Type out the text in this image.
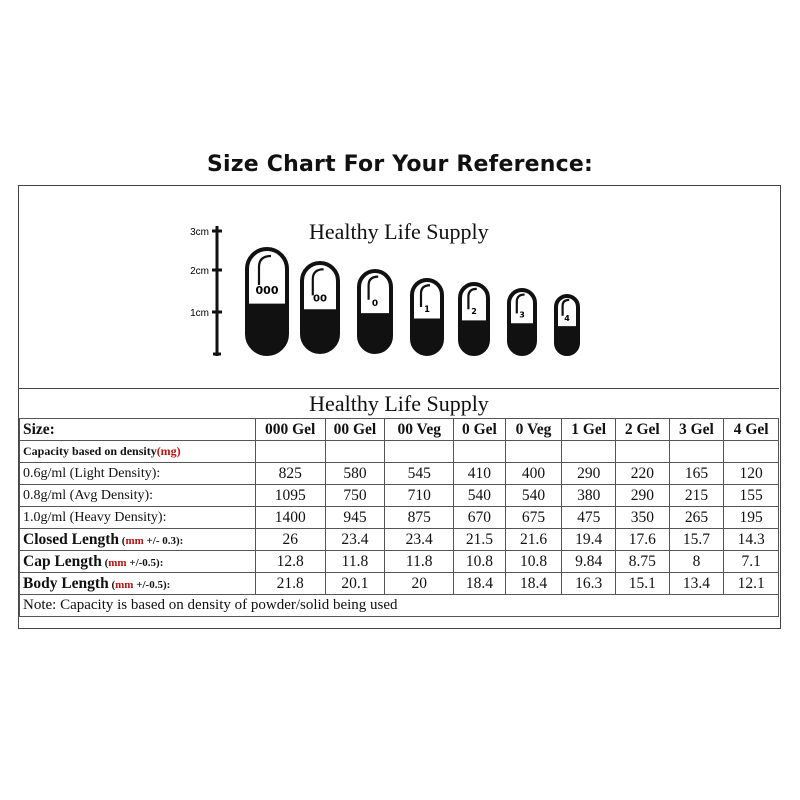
Size Chart For Your Reference:
Healthy Life Supply
3cm
2cm
1cm
000
00	0	1	2	3	4
Healthy Life Supply									
Size:	000 Gel	00 Gel	00 Veg	0 Gel	0 Veg	1 Gel	2 Gel	3 Gel	4 Gel
Capacity based on density(mg)									
0.6g/ml (Light Density):	825	580	545	410	400	290	220	165	120
0.8g/ml (Avg Density):	1095	750	710	540	540	380	290	215	155
1.0g/ml (Heavy Density):	1400	945	875	670	675	475	350	265	195
Closed Length (mm +/- 0.3):	26	23.4	23.4	21.5	21.6	19.4	17.6	15.7	14.3
Cap Length (mm +/-0.5):	12.8	11.8	11.8	10.8	10.8	9.84	8.75	8	7.1
Body Length (mm +/-0.5):	21.8	20.1	20	18.4	18.4	16.3	15.1	13.4	12.1
Note: Capacity is based on density of powder/solid being used									
